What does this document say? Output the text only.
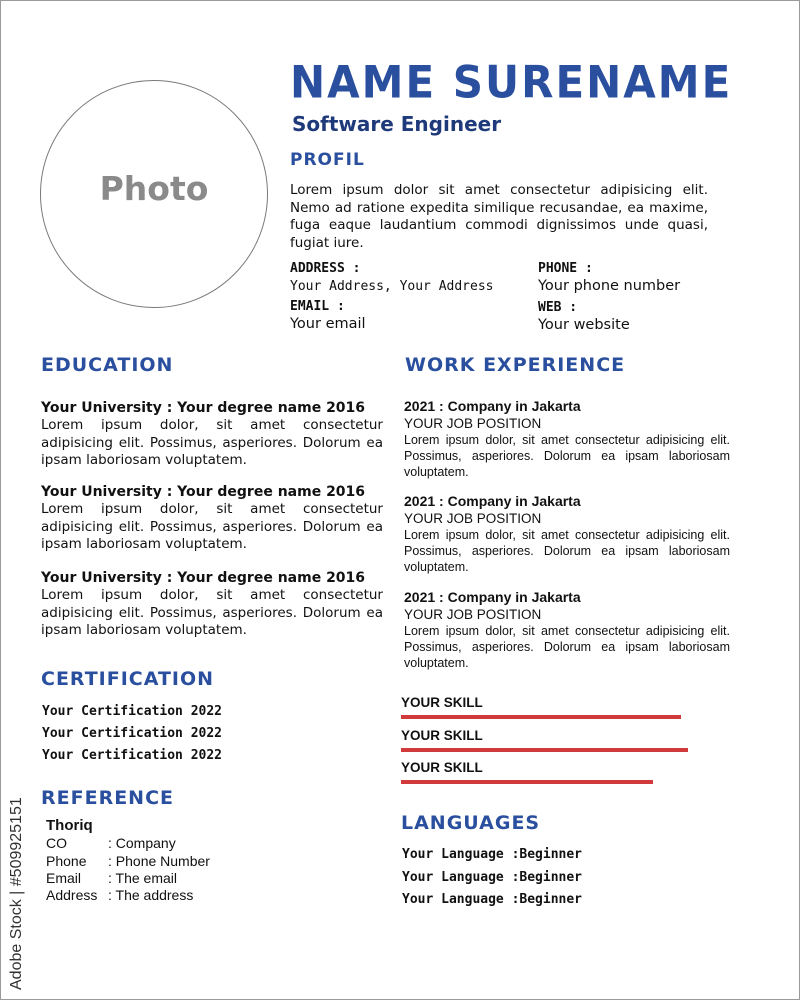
Photo
NAME SURENAME
Software Engineer
PROFIL
Lorem ipsum dolor sit amet consectetur adipisicing elit. Nemo ad ratione expedita similique recusandae, ea maxime, fuga eaque laudantium commodi dignissimos unde quasi, fugiat iure.
ADDRESS :
Your Address, Your Address
EMAIL :
Your email
PHONE :
Your phone number
WEB :
Your website
EDUCATION
Your University : Your degree name 2016
Lorem ipsum dolor, sit amet consectetur adipisicing elit. Possimus, asperiores. Dolorum ea ipsam laboriosam voluptatem.
Your University : Your degree name 2016
Lorem ipsum dolor, sit amet consectetur adipisicing elit. Possimus, asperiores. Dolorum ea ipsam laboriosam voluptatem.
Your University : Your degree name 2016
Lorem ipsum dolor, sit amet consectetur adipisicing elit. Possimus, asperiores. Dolorum ea ipsam laboriosam voluptatem.
WORK EXPERIENCE
2021 : Company in Jakarta
YOUR JOB POSITION
Lorem ipsum dolor, sit amet consectetur adipisicing elit. Possimus, asperiores. Dolorum ea ipsam laboriosam voluptatem.
2021 : Company in Jakarta
YOUR JOB POSITION
Lorem ipsum dolor, sit amet consectetur adipisicing elit. Possimus, asperiores. Dolorum ea ipsam laboriosam voluptatem.
2021 : Company in Jakarta
YOUR JOB POSITION
Lorem ipsum dolor, sit amet consectetur adipisicing elit. Possimus, asperiores. Dolorum ea ipsam laboriosam voluptatem.
CERTIFICATION
Your Certification 2022
Your Certification 2022
Your Certification 2022
REFERENCE
Thoriq
CO	: Company
Phone : Phone Number
Email : The email
Address : The address
YOUR SKILL
YOUR SKILL
YOUR SKILL
LANGUAGES
Your Language :Beginner
Your Language :Beginner
Your Language :Beginner
Adobe Stock | #509925151
